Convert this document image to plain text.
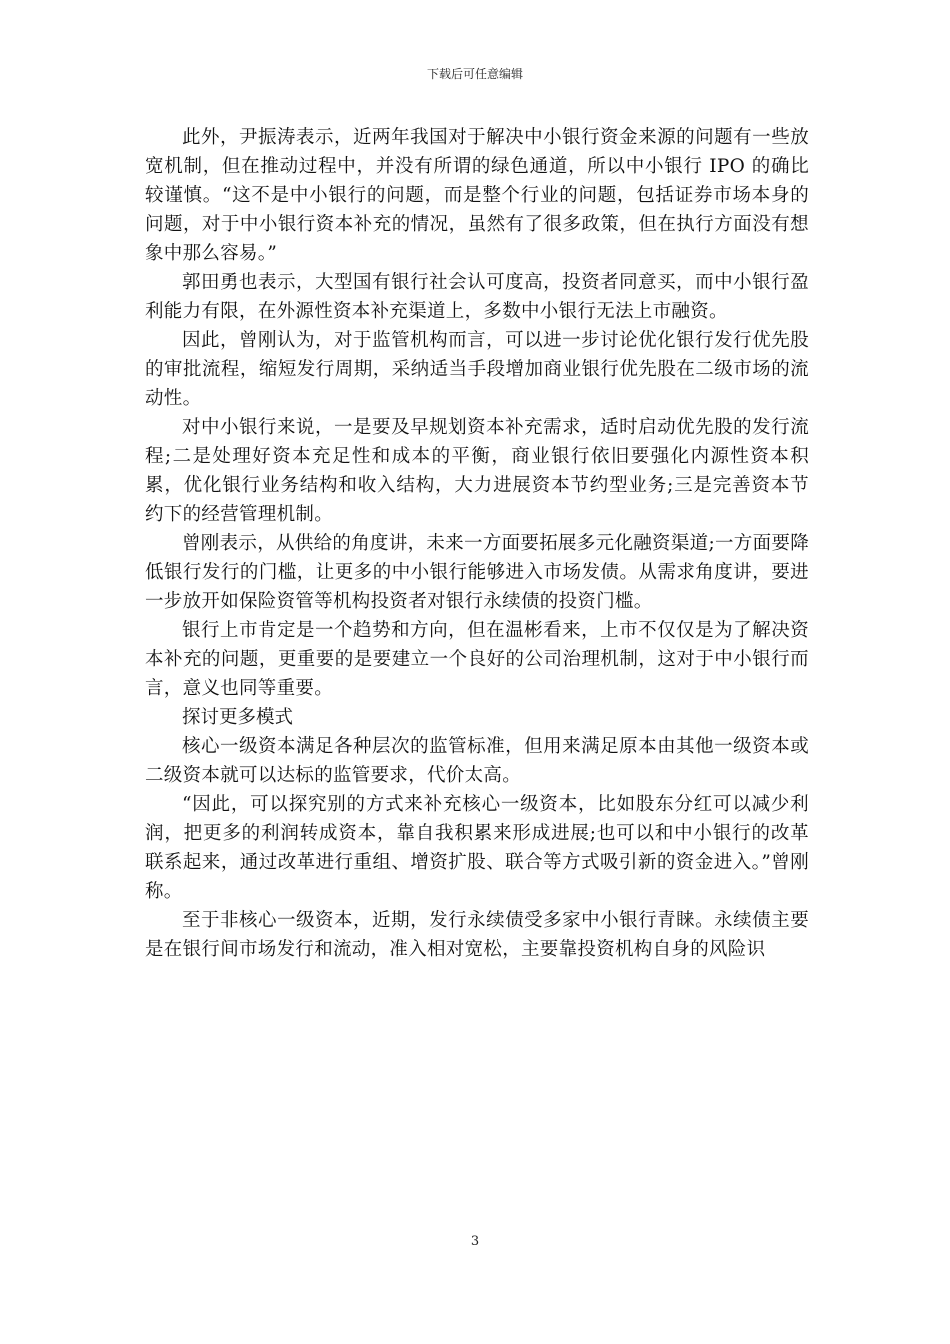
下载后可任意编辑

此外，尹振涛表示，近两年我国对于解决中小银行资金来源的问题有一些放宽机制，但在推动过程中，并没有所谓的绿色通道，所以中小银行 IPO 的确比较谨慎。“这不是中小银行的问题，而是整个行业的问题，包括证券市场本身的问题，对于中小银行资本补充的情况，虽然有了很多政策，但在执行方面没有想象中那么容易。”

郭田勇也表示，大型国有银行社会认可度高，投资者同意买，而中小银行盈利能力有限，在外源性资本补充渠道上，多数中小银行无法上市融资。

因此，曾刚认为，对于监管机构而言，可以进一步讨论优化银行发行优先股的审批流程，缩短发行周期，采纳适当手段增加商业银行优先股在二级市场的流动性。

对中小银行来说，一是要及早规划资本补充需求，适时启动优先股的发行流程;二是处理好资本充足性和成本的平衡，商业银行依旧要强化内源性资本积累，优化银行业务结构和收入结构，大力进展资本节约型业务;三是完善资本节约下的经营管理机制。

曾刚表示，从供给的角度讲，未来一方面要拓展多元化融资渠道;一方面要降低银行发行的门槛，让更多的中小银行能够进入市场发债。从需求角度讲，要进一步放开如保险资管等机构投资者对银行永续债的投资门槛。

银行上市肯定是一个趋势和方向，但在温彬看来，上市不仅仅是为了解决资本补充的问题，更重要的是要建立一个良好的公司治理机制，这对于中小银行而言，意义也同等重要。

探讨更多模式

核心一级资本满足各种层次的监管标准，但用来满足原本由其他一级资本或二级资本就可以达标的监管要求，代价太高。

“因此，可以探究别的方式来补充核心一级资本，比如股东分红可以减少利润，把更多的利润转成资本，靠自我积累来形成进展;也可以和中小银行的改革联系起来，通过改革进行重组、增资扩股、联合等方式吸引新的资金进入。”曾刚称。

至于非核心一级资本，近期，发行永续债受多家中小银行青睐。永续债主要是在银行间市场发行和流动，准入相对宽松，主要靠投资机构自身的风险识

3
